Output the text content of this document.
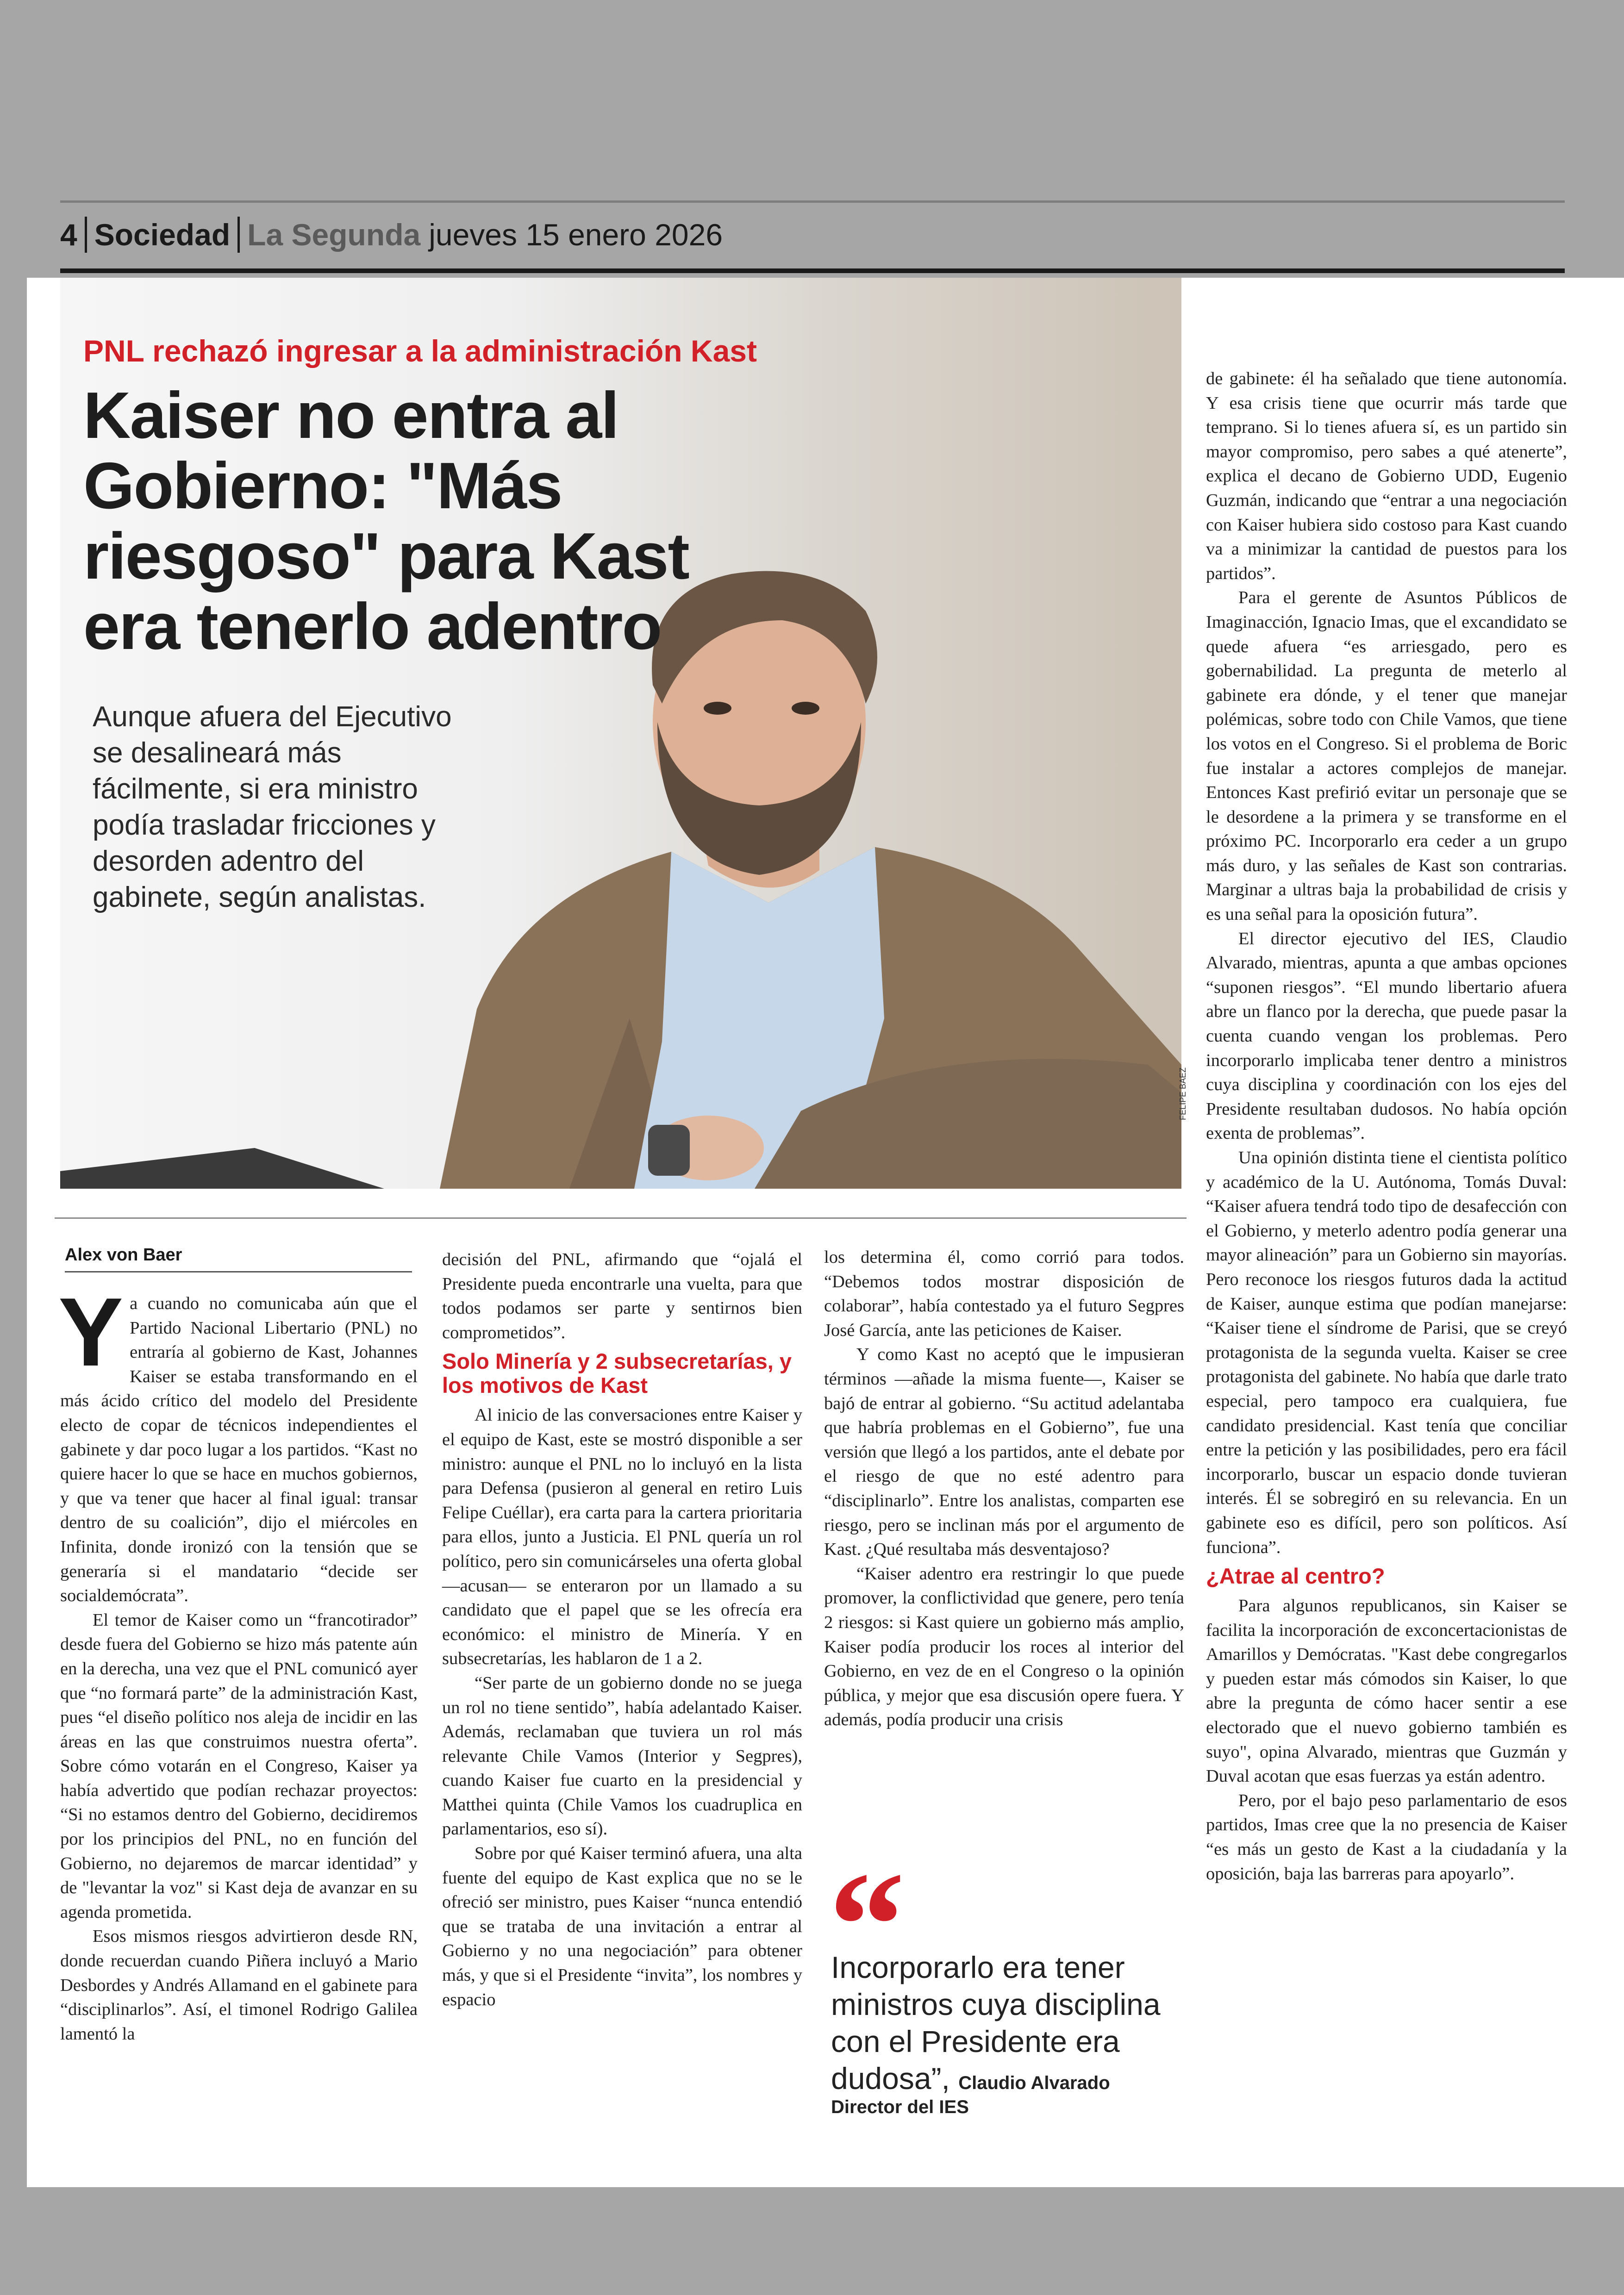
4 Sociedad La Segunda jueves 15 enero 2026
PNL rechazó ingresar a la administración Kast
Kaiser no entra al Gobierno: "Más riesgoso" para Kast era tenerlo adentro
Aunque afuera del Ejecutivo se desalineará más fácilmente, si era ministro podía trasladar fricciones y desorden adentro del gabinete, según analistas.
FELIPE BAEZ
Alex von Baer

Ya cuando no comunicaba aún que el Partido Nacional Libertario (PNL) no entraría al gobierno de Kast, Johannes Kaiser se estaba transformando en el más ácido crítico del modelo del Presidente electo de copar de técnicos independientes el gabinete y dar poco lugar a los partidos. “Kast no quiere hacer lo que se hace en muchos gobiernos, y que va tener que hacer al final igual: transar dentro de su coalición”, dijo el miércoles en Infinita, donde ironizó con la tensión que se generaría si el mandatario “decide ser socialdemócrata”.

El temor de Kaiser como un “francotirador” desde fuera del Gobierno se hizo más patente aún en la derecha, una vez que el PNL comunicó ayer que “no formará parte” de la administración Kast, pues “el diseño político nos aleja de incidir en las áreas en las que construimos nuestra oferta”. Sobre cómo votarán en el Congreso, Kaiser ya había advertido que podían rechazar proyectos: “Si no estamos dentro del Gobierno, decidiremos por los principios del PNL, no en función del Gobierno, no dejaremos de marcar identidad” y de "levantar la voz" si Kast deja de avanzar en su agenda prometida.

Esos mismos riesgos advirtieron desde RN, donde recuerdan cuando Piñera incluyó a Mario Desbordes y Andrés Allamand en el gabinete para “disciplinarlos”. Así, el timonel Rodrigo Galilea lamentó la

decisión del PNL, afirmando que “ojalá el Presidente pueda encontrarle una vuelta, para que todos podamos ser parte y sentirnos bien comprometidos”.

Solo Minería y 2 subsecretarías, y los motivos de Kast

Al inicio de las conversaciones entre Kaiser y el equipo de Kast, este se mostró disponible a ser ministro: aunque el PNL no lo incluyó en la lista para Defensa (pusieron al general en retiro Luis Felipe Cuéllar), era carta para la cartera prioritaria para ellos, junto a Justicia. El PNL quería un rol político, pero sin comunicárseles una oferta global —acusan— se enteraron por un llamado a su candidato que el papel que se les ofrecía era económico: el ministro de Minería. Y en subsecretarías, les hablaron de 1 a 2.

“Ser parte de un gobierno donde no se juega un rol no tiene sentido”, había adelantado Kaiser. Además, reclamaban que tuviera un rol más relevante Chile Vamos (Interior y Segpres), cuando Kaiser fue cuarto en la presidencial y Matthei quinta (Chile Vamos los cuadruplica en parlamentarios, eso sí).

Sobre por qué Kaiser terminó afuera, una alta fuente del equipo de Kast explica que no se le ofreció ser ministro, pues Kaiser “nunca entendió que se trataba de una invitación a entrar al Gobierno y no una negociación” para obtener más, y que si el Presidente “invita”, los nombres y espacio

los determina él, como corrió para todos. “Debemos todos mostrar disposición de colaborar”, había contestado ya el futuro Segpres José García, ante las peticiones de Kaiser.

Y como Kast no aceptó que le impusieran términos —añade la misma fuente—, Kaiser se bajó de entrar al gobierno. “Su actitud adelantaba que habría problemas en el Gobierno”, fue una versión que llegó a los partidos, ante el debate por el riesgo de que no esté adentro para “disciplinarlo”. Entre los analistas, comparten ese riesgo, pero se inclinan más por el argumento de Kast. ¿Qué resultaba más desventajoso?

“Kaiser adentro era restringir lo que puede promover, la conflictividad que genere, pero tenía 2 riesgos: si Kast quiere un gobierno más amplio, Kaiser podía producir los roces al interior del Gobierno, en vez de en el Congreso o la opinión pública, y mejor que esa discusión opere fuera. Y además, podía producir una crisis

“
Incorporarlo era tener ministros cuya disciplina con el Presidente era dudosa”, Claudio Alvarado
Director del IES

de gabinete: él ha señalado que tiene autonomía. Y esa crisis tiene que ocurrir más tarde que temprano. Si lo tienes afuera sí, es un partido sin mayor compromiso, pero sabes a qué atenerte”, explica el decano de Gobierno UDD, Eugenio Guzmán, indicando que “entrar a una negociación con Kaiser hubiera sido costoso para Kast cuando va a minimizar la cantidad de puestos para los partidos”.

Para el gerente de Asuntos Públicos de Imaginacción, Ignacio Imas, que el excandidato se quede afuera “es arriesgado, pero es gobernabilidad. La pregunta de meterlo al gabinete era dónde, y el tener que manejar polémicas, sobre todo con Chile Vamos, que tiene los votos en el Congreso. Si el problema de Boric fue instalar a actores complejos de manejar. Entonces Kast prefirió evitar un personaje que se le desordene a la primera y se transforme en el próximo PC. Incorporarlo era ceder a un grupo más duro, y las señales de Kast son contrarias. Marginar a ultras baja la probabilidad de crisis y es una señal para la oposición futura”.

El director ejecutivo del IES, Claudio Alvarado, mientras, apunta a que ambas opciones “suponen riesgos”. “El mundo libertario afuera abre un flanco por la derecha, que puede pasar la cuenta cuando vengan los problemas. Pero incorporarlo implicaba tener dentro a ministros cuya disciplina y coordinación con los ejes del Presidente resultaban dudosos. No había opción exenta de problemas”.

Una opinión distinta tiene el cientista político y académico de la U. Autónoma, Tomás Duval: “Kaiser afuera tendrá todo tipo de desafección con el Gobierno, y meterlo adentro podía generar una mayor alineación” para un Gobierno sin mayorías. Pero reconoce los riesgos futuros dada la actitud de Kaiser, aunque estima que podían manejarse: “Kaiser tiene el síndrome de Parisi, que se creyó protagonista de la segunda vuelta. Kaiser se cree protagonista del gabinete. No había que darle trato especial, pero tampoco era cualquiera, fue candidato presidencial. Kast tenía que conciliar entre la petición y las posibilidades, pero era fácil incorporarlo, buscar un espacio donde tuvieran interés. Él se sobregiró en su relevancia. En un gabinete eso es difícil, pero son políticos. Así funciona”.

¿Atrae al centro?

Para algunos republicanos, sin Kaiser se facilita la incorporación de exconcertacionistas de Amarillos y Demócratas. "Kast debe congregarlos y pueden estar más cómodos sin Kaiser, lo que abre la pregunta de cómo hacer sentir a ese electorado que el nuevo gobierno también es suyo", opina Alvarado, mientras que Guzmán y Duval acotan que esas fuerzas ya están adentro.

Pero, por el bajo peso parlamentario de esos partidos, Imas cree que la no presencia de Kaiser “es más un gesto de Kast a la ciudadanía y la oposición, baja las barreras para apoyarlo”.
